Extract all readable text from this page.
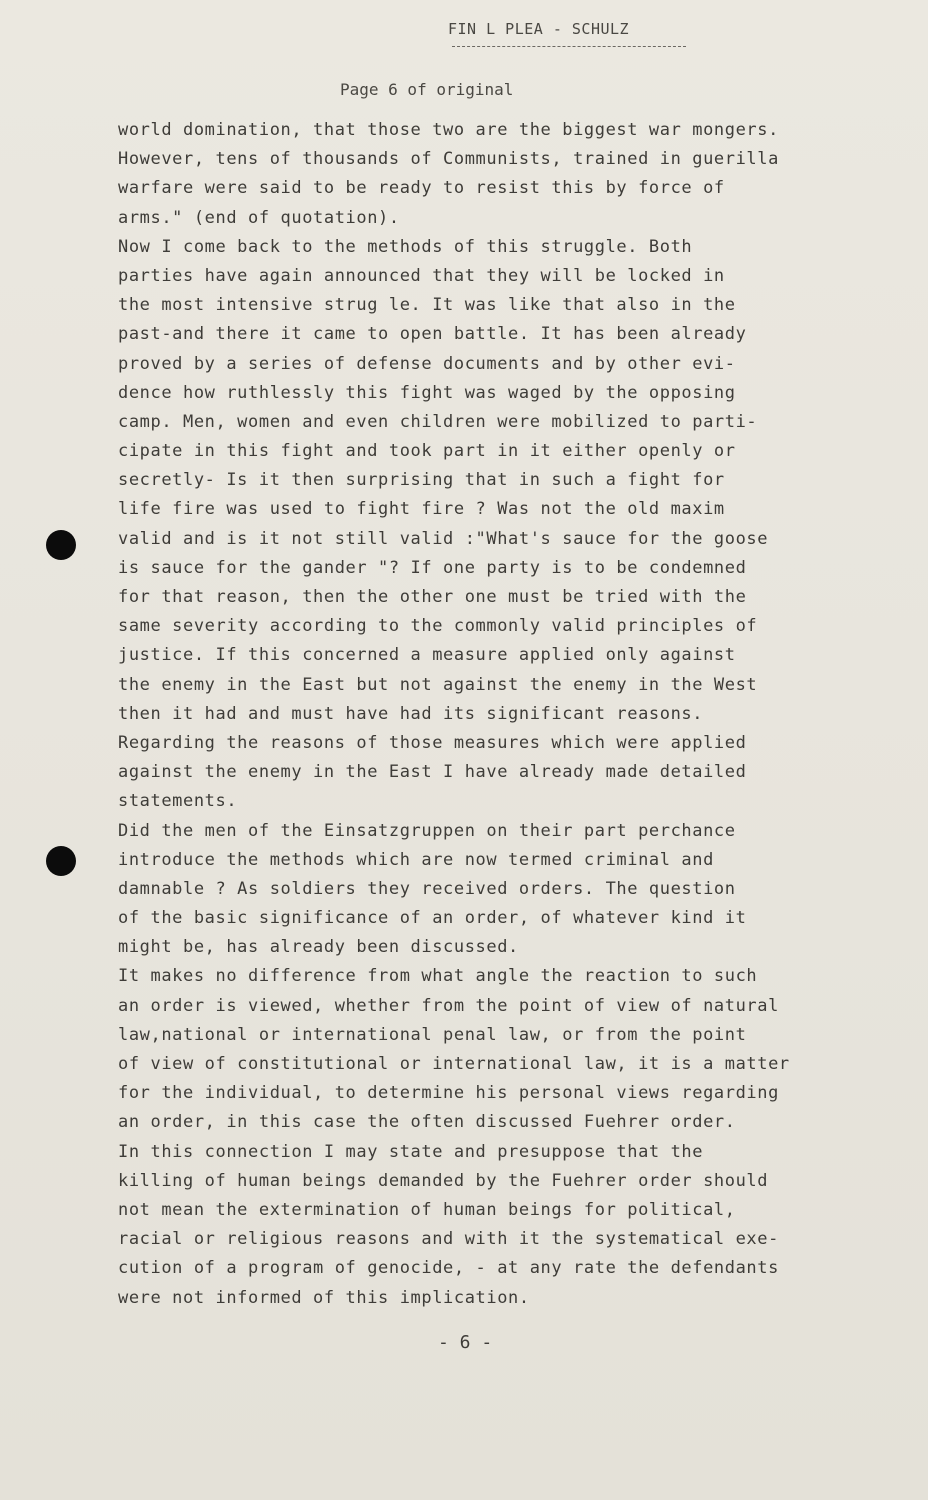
FIN L PLEA - SCHULZ
Page 6 of original
world domination, that those two are the biggest war mongers.
However, tens of thousands of Communists, trained in guerilla
warfare were said to be ready to resist this by force of
arms." (end of quotation).
Now I come back to the methods of this struggle. Both
parties have again announced that they will be locked in
the most intensive strug le. It was like that also in the
past-and there it came to open battle. It has been already
proved by a series of defense documents and by other evi-
dence how ruthlessly this fight was waged by the opposing
camp. Men, women and even children were mobilized to parti-
cipate in this fight and took part in it either openly or
secretly- Is it then surprising that in such a fight for
life fire was used to fight fire ? Was not the old maxim
valid and is it not still valid :"What's sauce for the goose
is sauce for the gander "? If one party is to be condemned
for that reason, then the other one must be tried with the
same severity according to the commonly valid principles of
justice. If this concerned a measure applied only against
the enemy in the East but not against the enemy in the West
then it had and must have had its significant reasons.
Regarding the reasons of those measures which were applied
against the enemy in the East I have already made detailed
statements.
Did the men of the Einsatzgruppen on their part perchance
introduce the methods which are now termed criminal and
damnable ? As soldiers they received orders. The question
of the basic significance of an order, of whatever kind it
might be, has already been discussed.
It makes no difference from what angle the reaction to such
an order is viewed, whether from the point of view of natural
law,national or international penal law, or from the point
of view of constitutional or international law, it is a matter
for the individual, to determine his personal views regarding
an order, in this case the often discussed Fuehrer order.
In this connection I may state and presuppose that the
killing of human beings demanded by the Fuehrer order should
not mean the extermination of human beings for political,
racial or religious reasons and with it the systematical exe-
cution of a program of genocide, - at any rate the defendants
were not informed of this implication.
- 6 -
